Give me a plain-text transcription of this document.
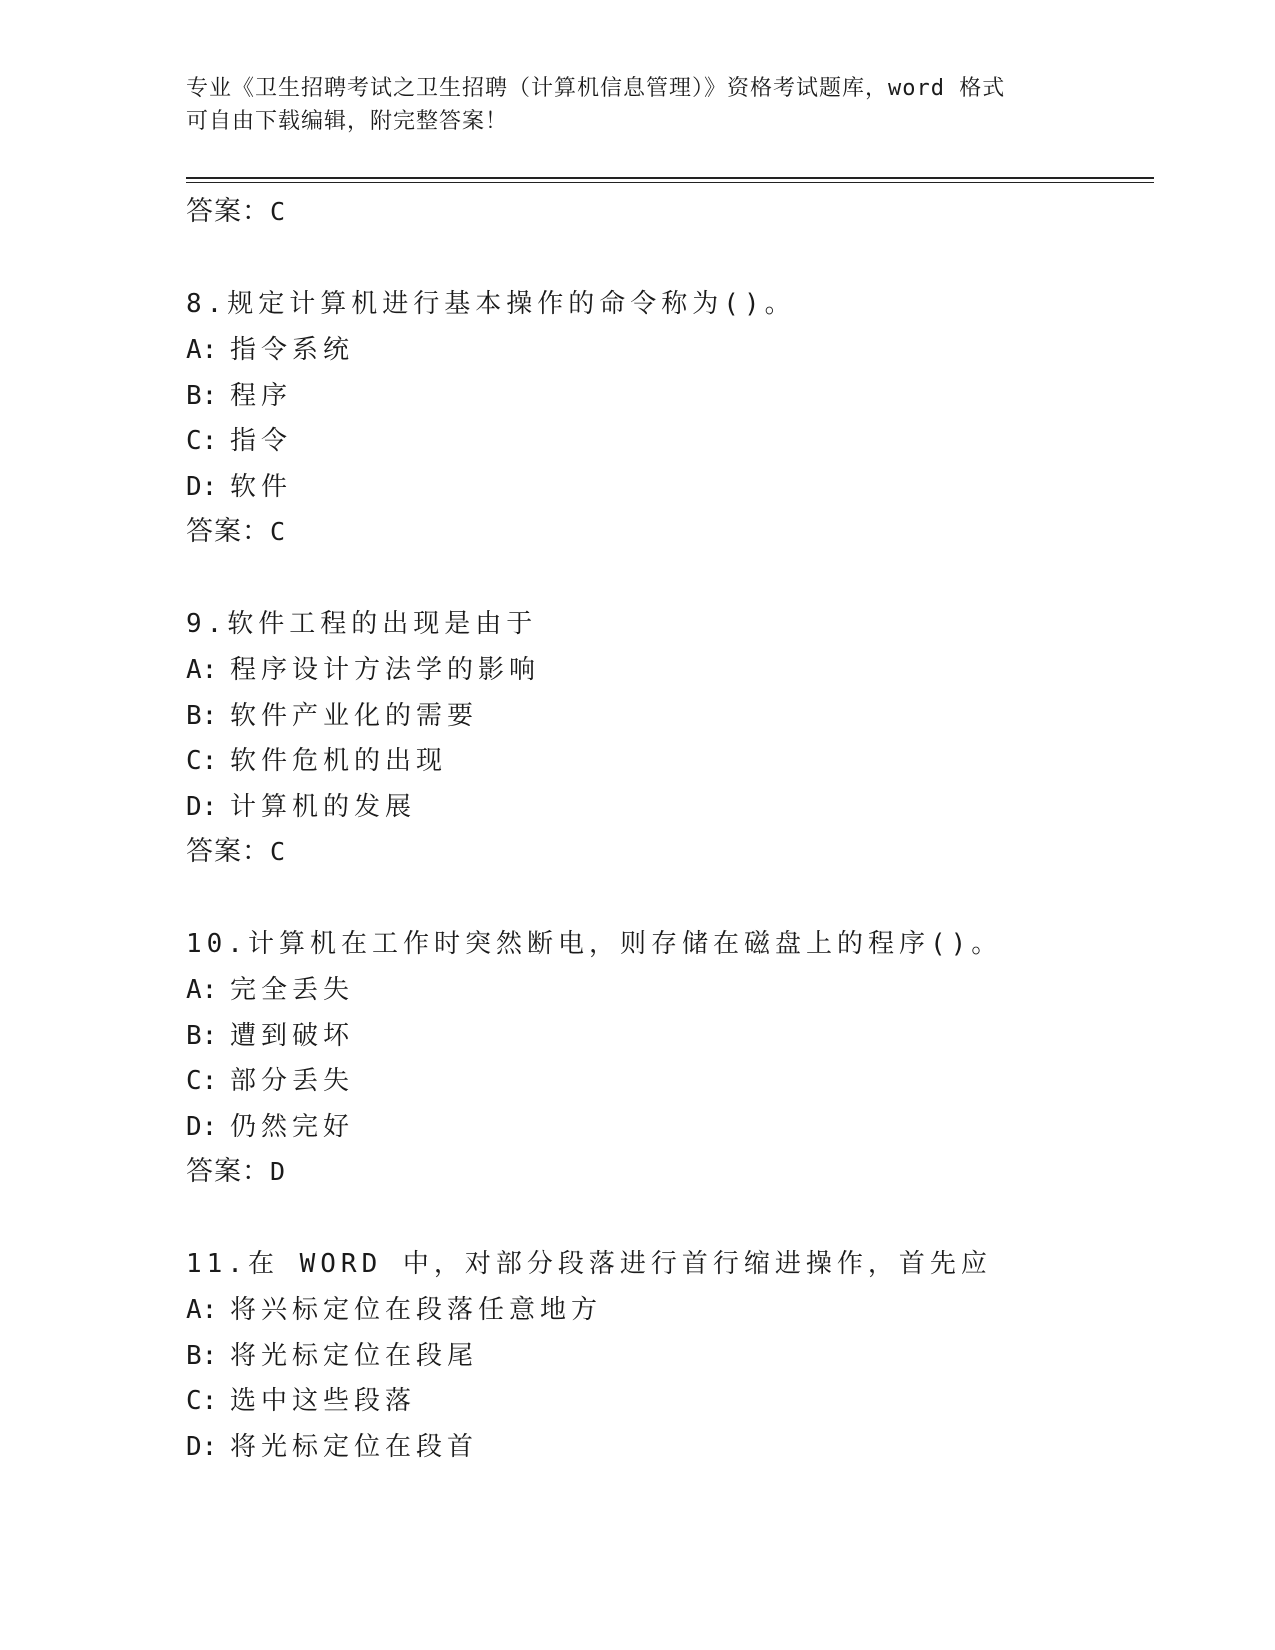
专业《卫生招聘考试之卫生招聘（计算机信息管理）》资格考试题库，word 格式
可自由下载编辑，附完整答案！
答案：C
8.规定计算机进行基本操作的命令称为()。
A: 指令系统
B: 程序
C: 指令
D: 软件
答案：C
9.软件工程的出现是由于
A: 程序设计方法学的影响
B: 软件产业化的需要
C: 软件危机的出现
D: 计算机的发展
答案：C
10.计算机在工作时突然断电，则存储在磁盘上的程序()。
A: 完全丢失
B: 遭到破坏
C: 部分丢失
D: 仍然完好
答案：D
11.在 WORD 中，对部分段落进行首行缩进操作，首先应
A: 将兴标定位在段落任意地方
B: 将光标定位在段尾
C: 选中这些段落
D: 将光标定位在段首
